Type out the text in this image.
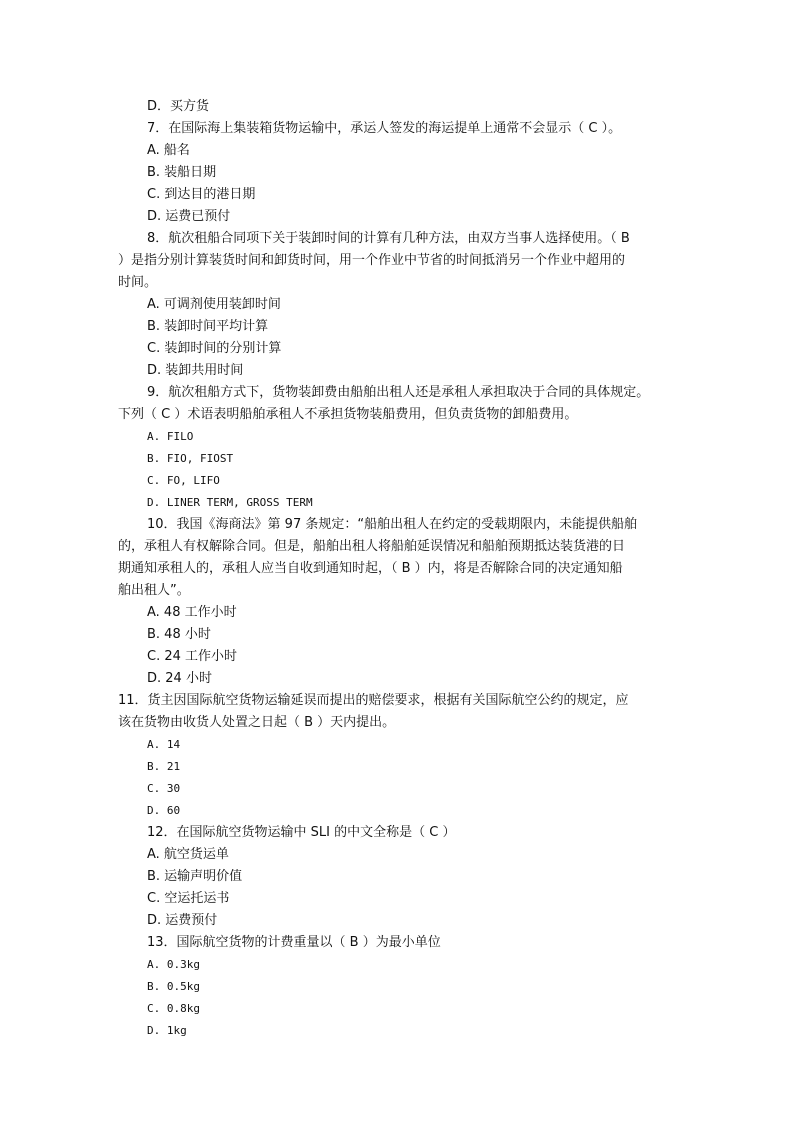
D．买方货
7．在国际海上集装箱货物运输中，承运人签发的海运提单上通常不会显示（ C ）。
A. 船名
B. 装船日期
C. 到达目的港日期
D. 运费已预付
8．航次租船合同项下关于装卸时间的计算有几种方法，由双方当事人选择使用。（ B
）是指分别计算装货时间和卸货时间，用一个作业中节省的时间抵消另一个作业中超用的
时间。
A. 可调剂使用装卸时间
B. 装卸时间平均计算
C. 装卸时间的分别计算
D. 装卸共用时间
9．航次租船方式下，货物装卸费由船舶出租人还是承租人承担取决于合同的具体规定。
下列（ C ）术语表明船舶承租人不承担货物装船费用，但负责货物的卸船费用。
A. FILO
B. FIO, FIOST
C. FO, LIFO
D. LINER TERM, GROSS TERM
10．我国《海商法》第 97 条规定：“船舶出租人在约定的受载期限内，未能提供船舶
的，承租人有权解除合同。但是，船舶出租人将船舶延误情况和船舶预期抵达装货港的日
期通知承租人的，承租人应当自收到通知时起，（ B ）内，将是否解除合同的决定通知船
舶出租人”。
A. 48 工作小时
B. 48 小时
C. 24 工作小时
D. 24 小时
11．货主因国际航空货物运输延误而提出的赔偿要求，根据有关国际航空公约的规定，应
该在货物由收货人处置之日起（ B ）天内提出。
A. 14
B. 21
C. 30
D. 60
12．在国际航空货物运输中 SLI 的中文全称是（ C ）
A. 航空货运单
B. 运输声明价值
C. 空运托运书
D. 运费预付
13．国际航空货物的计费重量以（ B ）为最小单位
A. 0.3kg
B. 0.5kg
C. 0.8kg
D. 1kg
